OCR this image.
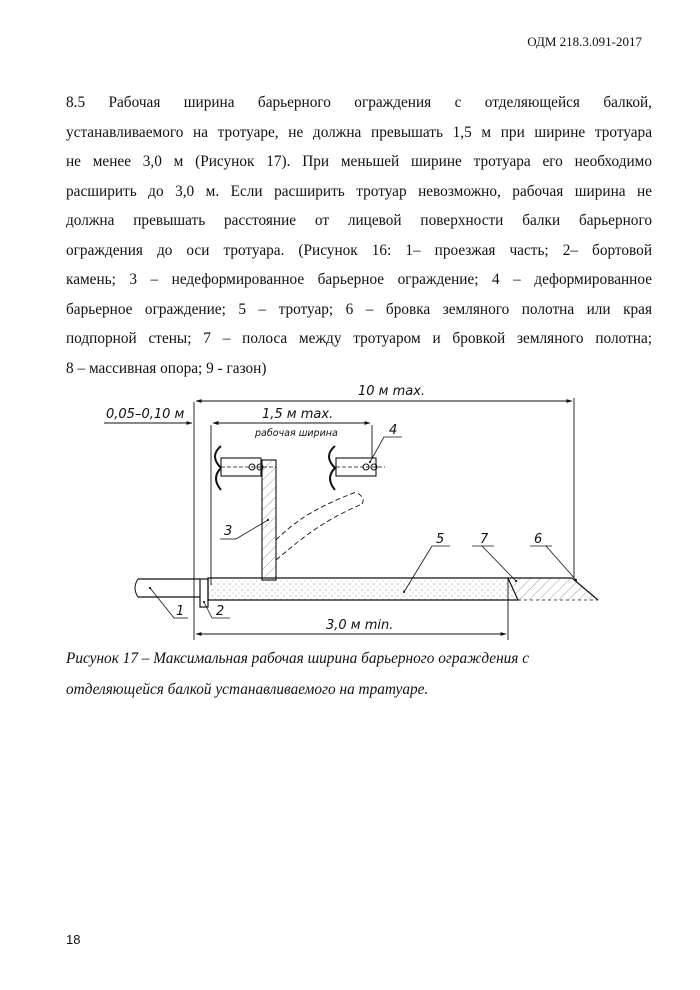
ОДМ 218.3.091-2017
8.5 Рабочая ширина барьерного ограждения с отделяющейся балкой,
устанавливаемого на тротуаре, не должна превышать 1,5 м при ширине тротуара
не менее 3,0 м (Рисунок 17). При меньшей ширине тротуара его необходимо
расширить до 3,0 м. Если расширить тротуар невозможно, рабочая ширина не
должна превышать расстояние от лицевой поверхности балки барьерного
ограждения до оси тротуара. (Рисунок 16: 1– проезжая часть; 2– бортовой
камень; 3 – недеформированное барьерное ограждение; 4 – деформированное
барьерное ограждение; 5 – тротуар; 6 – бровка земляного полотна или края
подпорной стены; 7 – полоса между тротуаром и бровкой земляного полотна;
8 – массивная опора; 9 - газон)
10 м max.
0,05–0,10 м	1,5 м max.
рабочая ширина
3,0 м min.
1 2
3
4
5	7	6
Рисунок 17 – Максимальная рабочая ширина барьерного ограждения с
отделяющейся балкой устанавливаемого на тратуаре.
18
